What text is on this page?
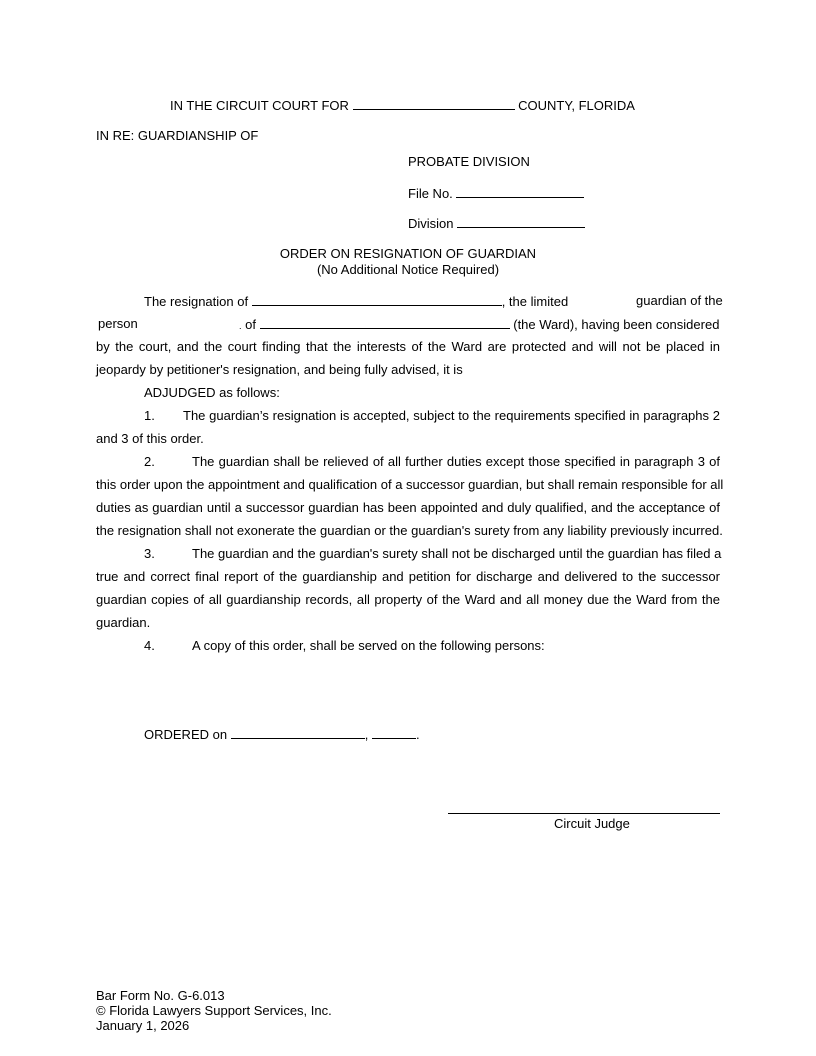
IN THE CIRCUIT COURT FOR	COUNTY, FLORIDA
IN RE: GUARDIANSHIP OF
PROBATE DIVISION
File No.
Division
ORDER ON RESIGNATION OF GUARDIAN
(No Additional Notice Required)
The resignation of	, the limited	guardian of the
person	. of	(the Ward), having been considered
by the court, and the court finding that the interests of the Ward are protected and will not be placed in
jeopardy by petitioner's resignation, and being fully advised, it is
ADJUDGED as follows:
1. The guardian’s resignation is accepted, subject to the requirements specified in paragraphs 2
and 3 of this order.
2.	The guardian shall be relieved of all further duties except those specified in paragraph 3 of
this order upon the appointment and qualification of a successor guardian, but shall remain responsible for all
duties as guardian until a successor guardian has been appointed and duly qualified, and the acceptance of
the resignation shall not exonerate the guardian or the guardian's surety from any liability previously incurred.
3.	The guardian and the guardian's surety shall not be discharged until the guardian has filed a
true and correct final report of the guardianship and petition for discharge and delivered to the successor
guardian copies of all guardianship records, all property of the Ward and all money due the Ward from the
guardian.
4.	A copy of this order, shall be served on the following persons:
ORDERED on	,	.
Circuit Judge
Bar Form No. G-6.013
© Florida Lawyers Support Services, Inc.
January 1, 2026
